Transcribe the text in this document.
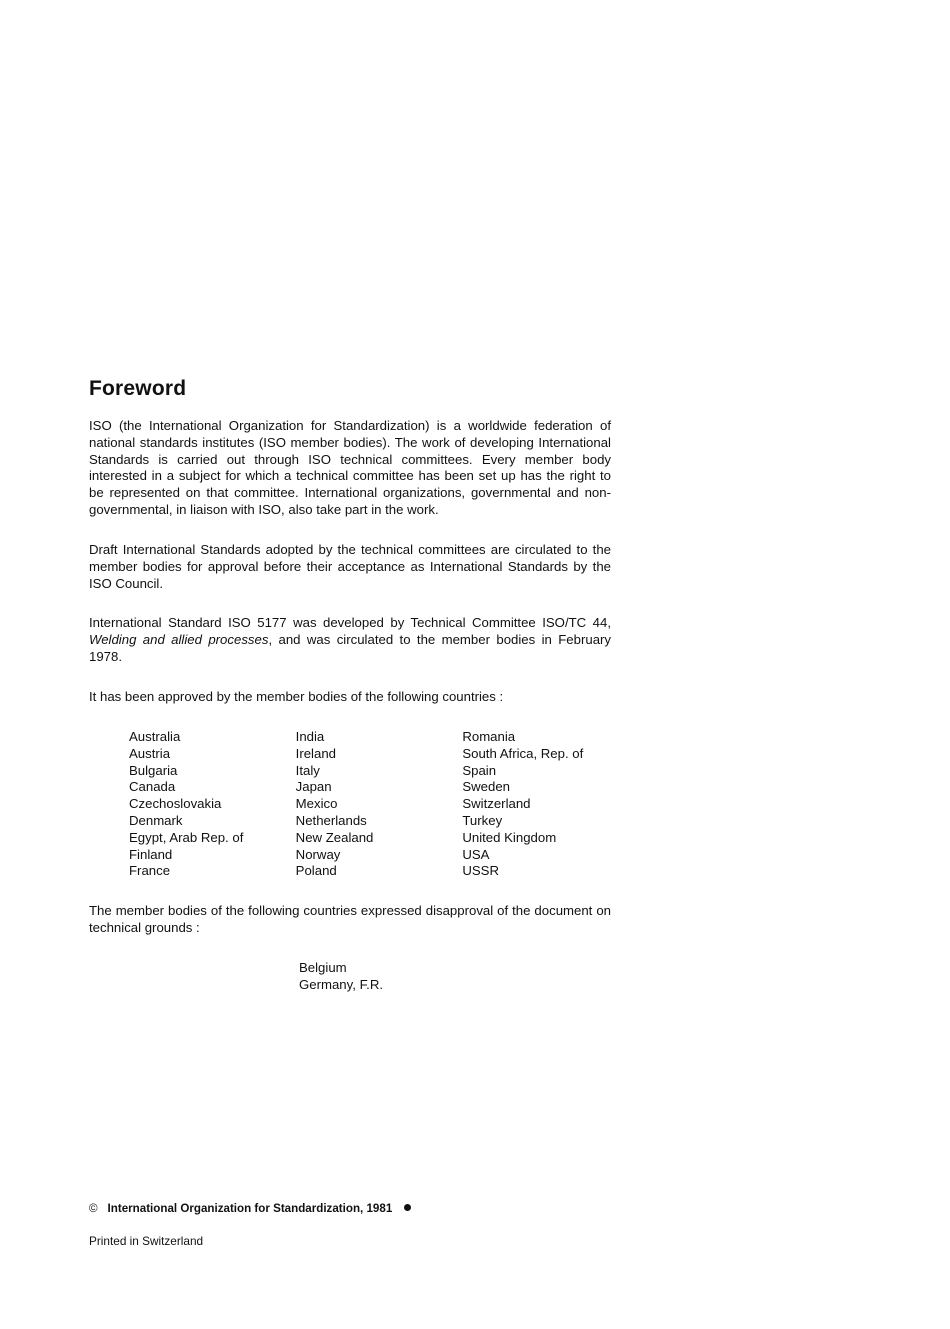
Foreword

ISO (the International Organization for Standardization) is a worldwide federation of national standards institutes (ISO member bodies). The work of developing International Standards is carried out through ISO technical committees. Every member body interested in a subject for which a technical committee has been set up has the right to be represented on that committee. International organizations, governmental and non-governmental, in liaison with ISO, also take part in the work.

Draft International Standards adopted by the technical committees are circulated to the member bodies for approval before their acceptance as International Standards by the ISO Council.

International Standard ISO 5177 was developed by Technical Committee ISO/TC 44, Welding and allied processes, and was circulated to the member bodies in February 1978.

It has been approved by the member bodies of the following countries :

Australia
Austria
Bulgaria
Canada
Czechoslovakia
Denmark
Egypt, Arab Rep. of
Finland
France
India
Ireland
Italy
Japan
Mexico
Netherlands
New Zealand
Norway
Poland
Romania
South Africa, Rep. of
Spain
Sweden
Switzerland
Turkey
United Kingdom
USA
USSR

The member bodies of the following countries expressed disapproval of the document on technical grounds :

Belgium
Germany, F.R.
© International Organization for Standardization, 1981
Printed in Switzerland
